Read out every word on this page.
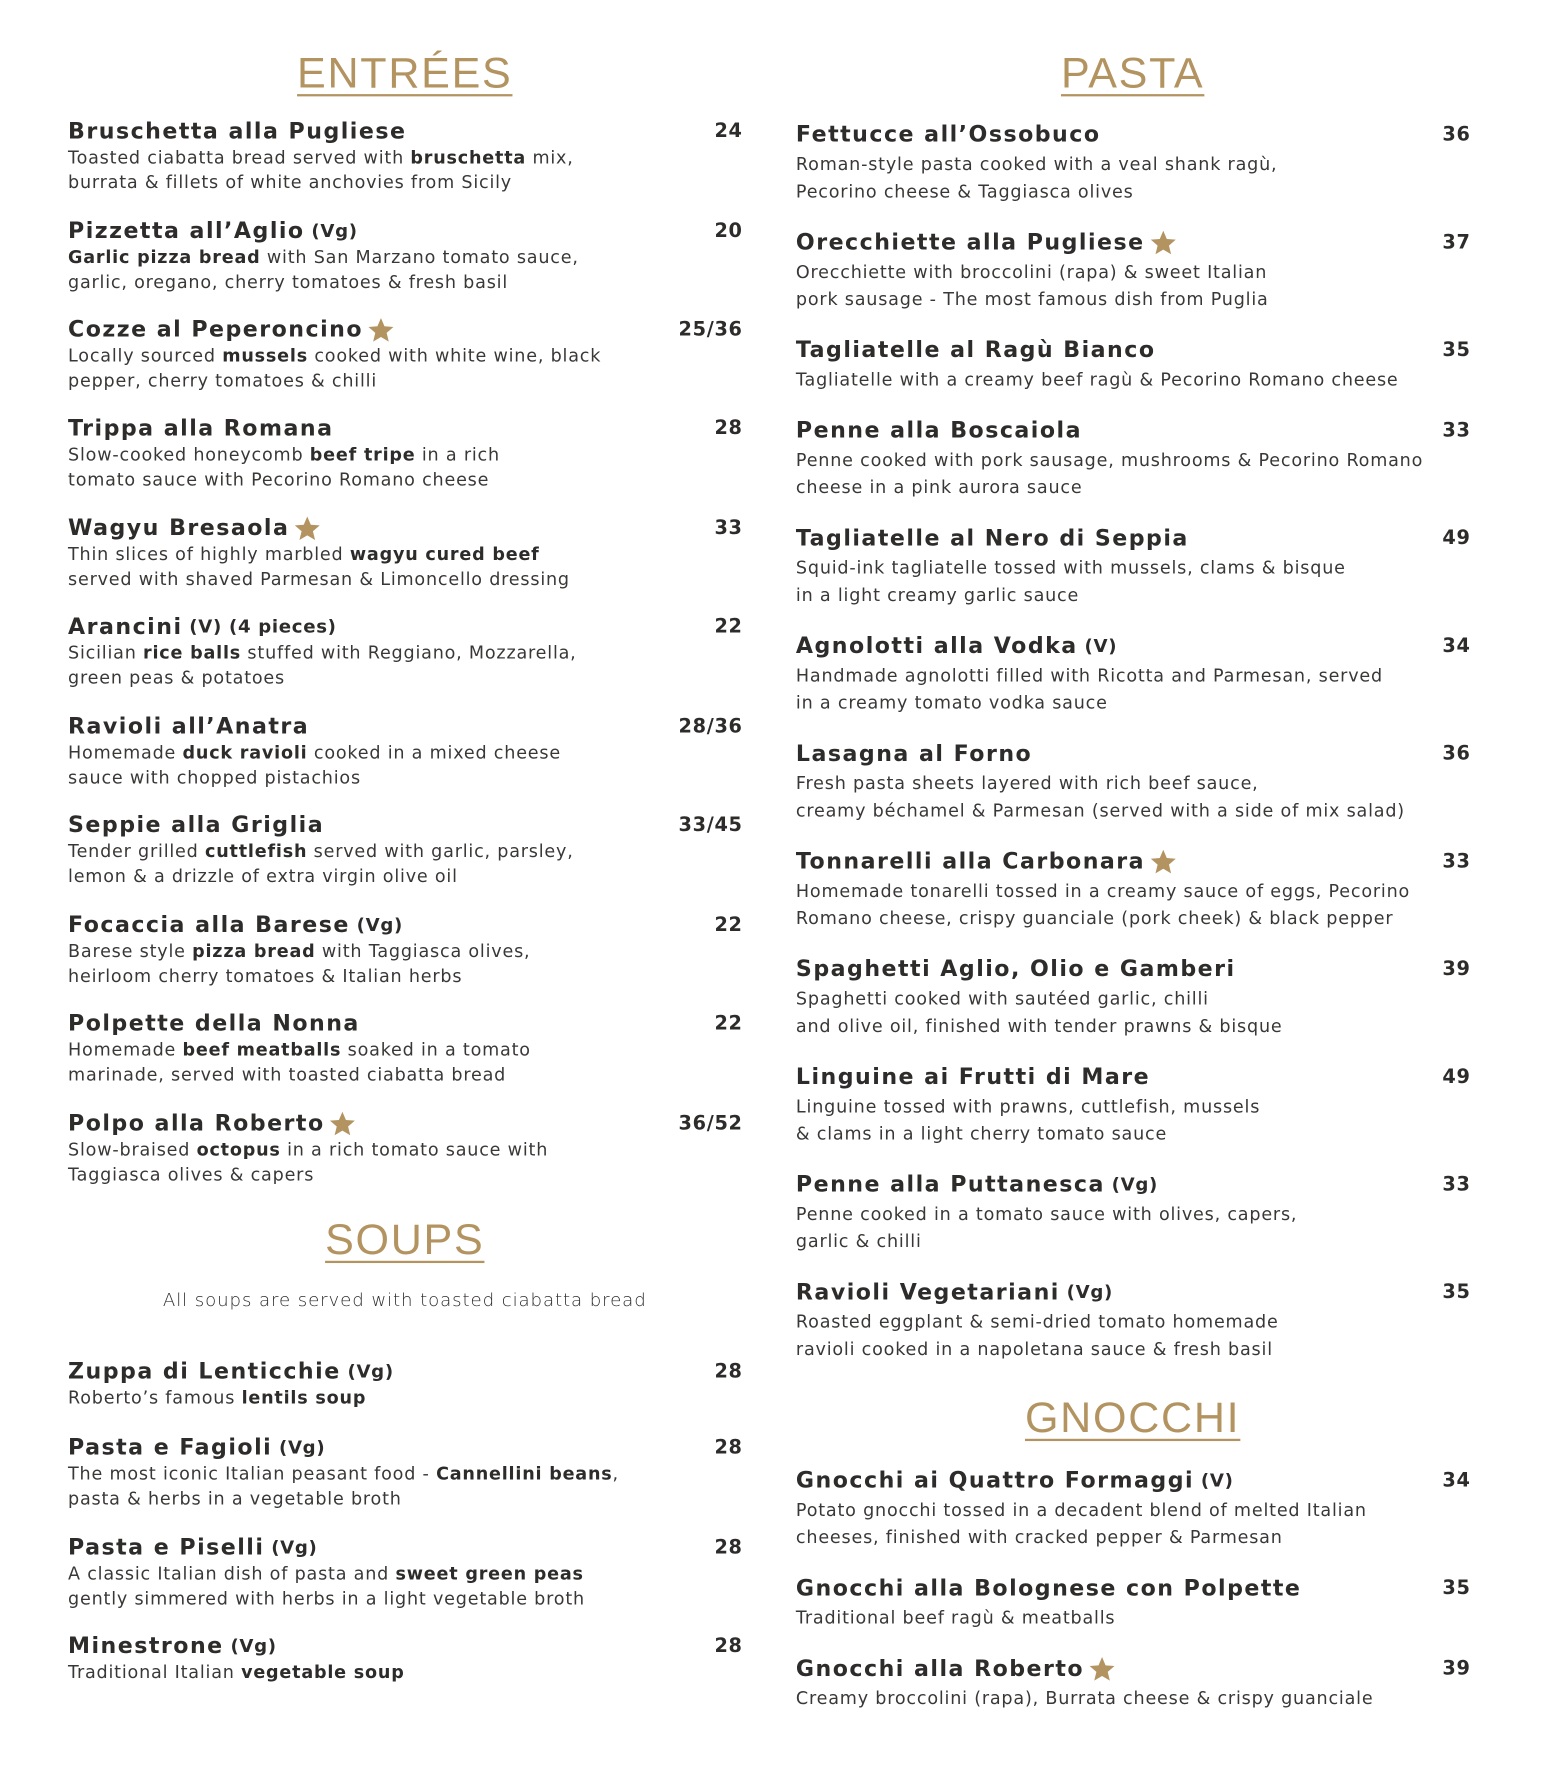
ENTRÉES
Bruschetta alla Pugliese	24
Toasted ciabatta bread served with bruschetta mix,
burrata & fillets of white anchovies from Sicily
Pizzetta all’Aglio (Vg)	20
Garlic pizza bread with San Marzano tomato sauce,
garlic, oregano, cherry tomatoes & fresh basil
Cozze al Peperoncino	25/36
Locally sourced mussels cooked with white wine, black
pepper, cherry tomatoes & chilli
Trippa alla Romana	28
Slow-cooked honeycomb beef tripe in a rich
tomato sauce with Pecorino Romano cheese
Wagyu Bresaola	33
Thin slices of highly marbled wagyu cured beef
served with shaved Parmesan & Limoncello dressing
Arancini (V) (4 pieces)	22
Sicilian rice balls stuffed with Reggiano, Mozzarella,
green peas & potatoes
Ravioli all’Anatra	28/36
Homemade duck ravioli cooked in a mixed cheese
sauce with chopped pistachios
Seppie alla Griglia	33/45
Tender grilled cuttlefish served with garlic, parsley,
lemon & a drizzle of extra virgin olive oil
Focaccia alla Barese (Vg)	22
Barese style pizza bread with Taggiasca olives,
heirloom cherry tomatoes & Italian herbs
Polpette della Nonna	22
Homemade beef meatballs soaked in a tomato
marinade, served with toasted ciabatta bread
Polpo alla Roberto	36/52
Slow-braised octopus in a rich tomato sauce with
Taggiasca olives & capers
SOUPS
All soups are served with toasted ciabatta bread
Zuppa di Lenticchie (Vg)	28
Roberto’s famous lentils soup
Pasta e Fagioli (Vg)	28
The most iconic Italian peasant food - Cannellini beans,
pasta & herbs in a vegetable broth
Pasta e Piselli (Vg)	28
A classic Italian dish of pasta and sweet green peas
gently simmered with herbs in a light vegetable broth
Minestrone (Vg)	28
Traditional Italian vegetable soup
PASTA
Fettucce all’Ossobuco	36
Roman-style pasta cooked with a veal shank ragù,
Pecorino cheese & Taggiasca olives
Orecchiette alla Pugliese	37
Orecchiette with broccolini (rapa) & sweet Italian
pork sausage - The most famous dish from Puglia
Tagliatelle al Ragù Bianco	35
Tagliatelle with a creamy beef ragù & Pecorino Romano cheese
Penne alla Boscaiola	33
Penne cooked with pork sausage, mushrooms & Pecorino Romano
cheese in a pink aurora sauce
Tagliatelle al Nero di Seppia	49
Squid-ink tagliatelle tossed with mussels, clams & bisque
in a light creamy garlic sauce
Agnolotti alla Vodka (V)	34
Handmade agnolotti filled with Ricotta and Parmesan, served
in a creamy tomato vodka sauce
Lasagna al Forno	36
Fresh pasta sheets layered with rich beef sauce,
creamy béchamel & Parmesan (served with a side of mix salad)
Tonnarelli alla Carbonara	33
Homemade tonarelli tossed in a creamy sauce of eggs, Pecorino
Romano cheese, crispy guanciale (pork cheek) & black pepper
Spaghetti Aglio, Olio e Gamberi	39
Spaghetti cooked with sautéed garlic, chilli
and olive oil, finished with tender prawns & bisque
Linguine ai Frutti di Mare	49
Linguine tossed with prawns, cuttlefish, mussels
& clams in a light cherry tomato sauce
Penne alla Puttanesca (Vg)	33
Penne cooked in a tomato sauce with olives, capers,
garlic & chilli
Ravioli Vegetariani (Vg)	35
Roasted eggplant & semi-dried tomato homemade
ravioli cooked in a napoletana sauce & fresh basil
GNOCCHI
Gnocchi ai Quattro Formaggi (V)	34
Potato gnocchi tossed in a decadent blend of melted Italian
cheeses, finished with cracked pepper & Parmesan
Gnocchi alla Bolognese con Polpette	35
Traditional beef ragù & meatballs
Gnocchi alla Roberto	39
Creamy broccolini (rapa), Burrata cheese & crispy guanciale
